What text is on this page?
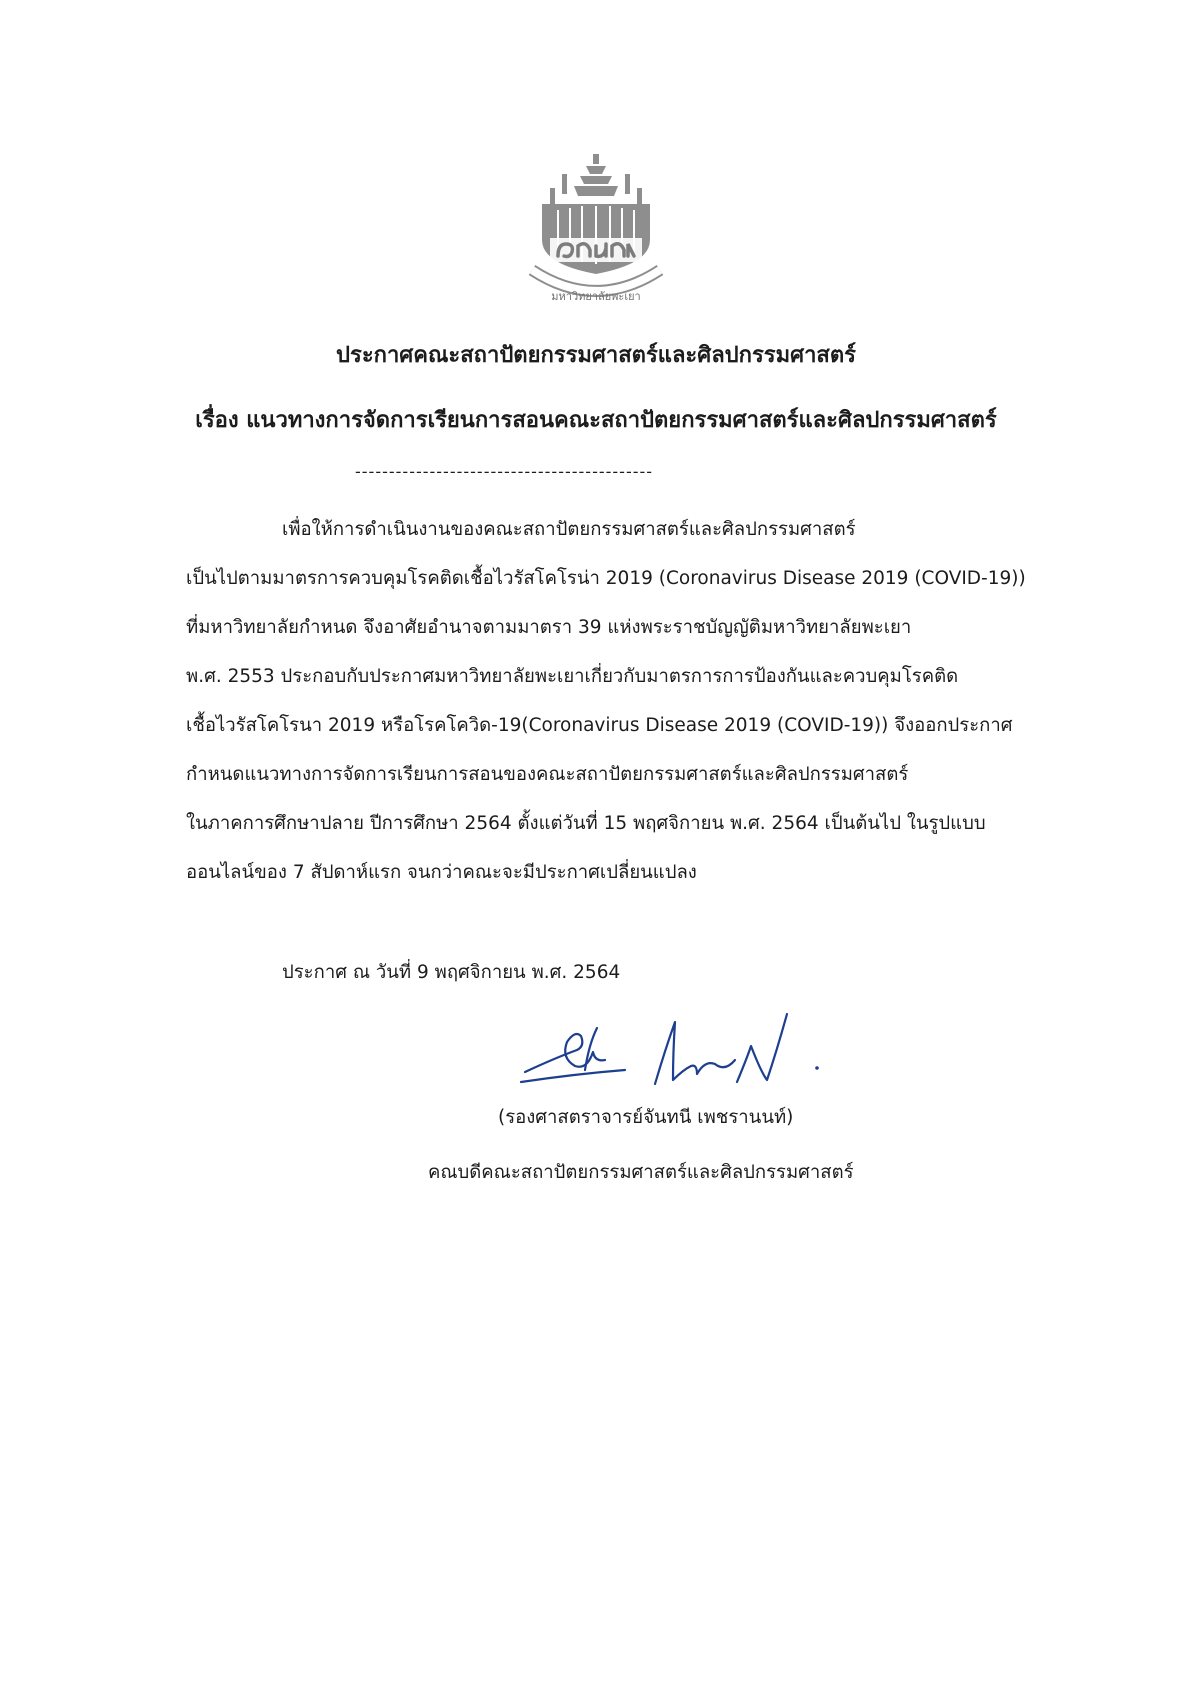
มหาวิทยาลัยพะเยา
ประกาศคณะสถาปัตยกรรมศาสตร์และศิลปกรรมศาสตร์
เรื่อง แนวทางการจัดการเรียนการสอนคณะสถาปัตยกรรมศาสตร์และศิลปกรรมศาสตร์
--------------------------------------------
เพื่อให้การดำเนินงานของคณะสถาปัตยกรรมศาสตร์และศิลปกรรมศาสตร์
เป็นไปตามมาตรการควบคุมโรคติดเชื้อไวรัสโคโรน่า 2019 (Coronavirus Disease 2019 (COVID-19))
ที่มหาวิทยาลัยกำหนด จึงอาศัยอำนาจตามมาตรา 39 แห่งพระราชบัญญัติมหาวิทยาลัยพะเยา
พ.ศ. 2553 ประกอบกับประกาศมหาวิทยาลัยพะเยาเกี่ยวกับมาตรการการป้องกันและควบคุมโรคติด
เชื้อไวรัสโคโรนา 2019 หรือโรคโควิด-19(Coronavirus Disease 2019 (COVID-19)) จึงออกประกาศ
กำหนดแนวทางการจัดการเรียนการสอนของคณะสถาปัตยกรรมศาสตร์และศิลปกรรมศาสตร์
ในภาคการศึกษาปลาย ปีการศึกษา 2564 ตั้งแต่วันที่ 15 พฤศจิกายน พ.ศ. 2564 เป็นต้นไป ในรูปแบบ
ออนไลน์ของ 7 สัปดาห์แรก จนกว่าคณะจะมีประกาศเปลี่ยนแปลง
ประกาศ ณ วันที่ 9 พฤศจิกายน พ.ศ. 2564
(รองศาสตราจารย์จันทนี เพชรานนท์)
คณบดีคณะสถาปัตยกรรมศาสตร์และศิลปกรรมศาสตร์
